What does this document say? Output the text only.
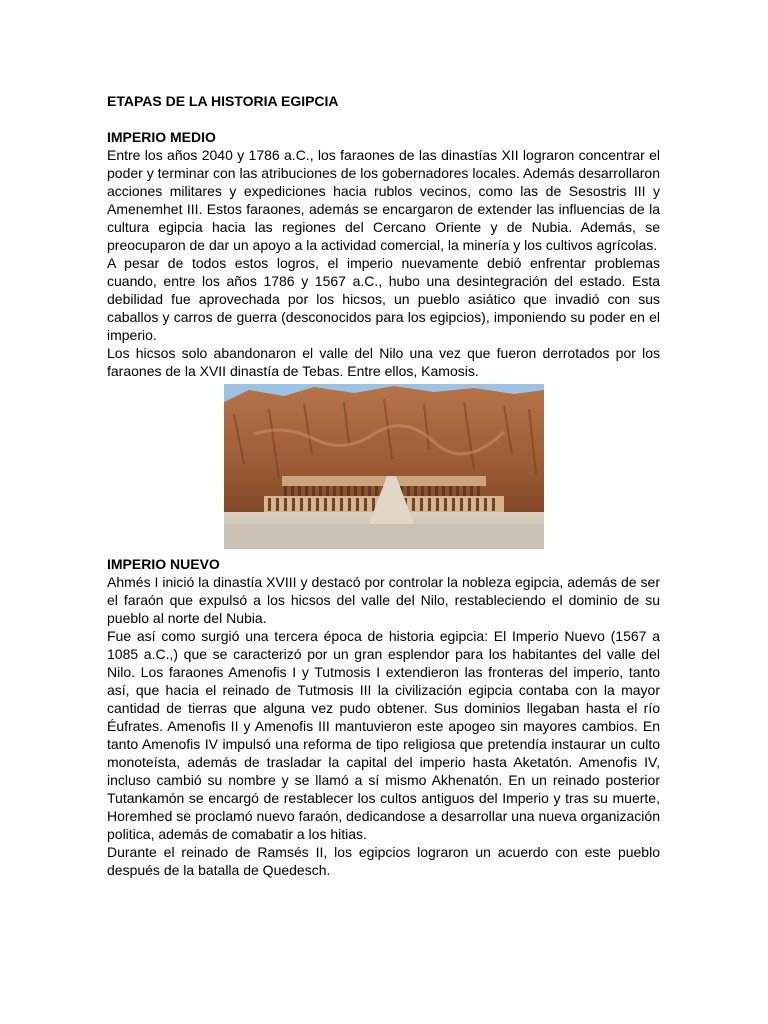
ETAPAS DE LA HISTORIA EGIPCIA

IMPERIO MEDIO

Entre los años 2040 y 1786 a.C., los faraones de las dinastías XII lograron concentrar el poder y terminar con las atribuciones de los gobernadores locales. Además desarrollaron acciones militares y expediciones hacia rublos vecinos, como las de Sesostris III y Amenemhet III. Estos faraones, además se encargaron de extender las influencias de la cultura egipcia hacia las regiones del Cercano Oriente y de Nubia. Además, se preocuparon de dar un apoyo a la actividad comercial, la minería y los cultivos agrícolas.

A pesar de todos estos logros, el imperio nuevamente debió enfrentar problemas cuando, entre los años 1786 y 1567 a.C., hubo una desintegración del estado. Esta debilidad fue aprovechada por los hicsos, un pueblo asiático que invadió con sus caballos y carros de guerra (desconocidos para los egipcios), imponiendo su poder en el imperio.

Los hicsos solo abandonaron el valle del Nilo una vez que fueron derrotados por los faraones de la XVII dinastía de Tebas. Entre ellos, Kamosis.

IMPERIO NUEVO

Ahmés I inició la dinastía XVIII y destacó por controlar la nobleza egipcia, además de ser el faraón que expulsó a los hicsos del valle del Nilo, restableciendo el dominio de su pueblo al norte del Nubia.

Fue así como surgió una tercera época de historia egipcia: El Imperio Nuevo (1567 a 1085 a.C.,) que se caracterizó por un gran esplendor para los habitantes del valle del Nilo. Los faraones Amenofis I y Tutmosis I extendieron las fronteras del imperio, tanto así, que hacia el reinado de Tutmosis III la civilización egipcia contaba con la mayor cantidad de tierras que alguna vez pudo obtener. Sus dominios llegaban hasta el río Éufrates. Amenofis II y Amenofis III mantuvieron este apogeo sin mayores cambios. En tanto Amenofis IV impulsó una reforma de tipo religiosa que pretendía instaurar un culto monoteísta, además de trasladar la capital del imperio hasta Aketatón. Amenofis IV, incluso cambió su nombre y se llamó a sí mismo Akhenatón. En un reinado posterior Tutankamón se encargó de restablecer los cultos antiguos del Imperio y tras su muerte, Horemhed se proclamó nuevo faraón, dedicandose a desarrollar una nueva organización politica, además de comabatir a los hitias.

Durante el reinado de Ramsés II, los egipcios lograron un acuerdo con este pueblo después de la batalla de Quedesch.
